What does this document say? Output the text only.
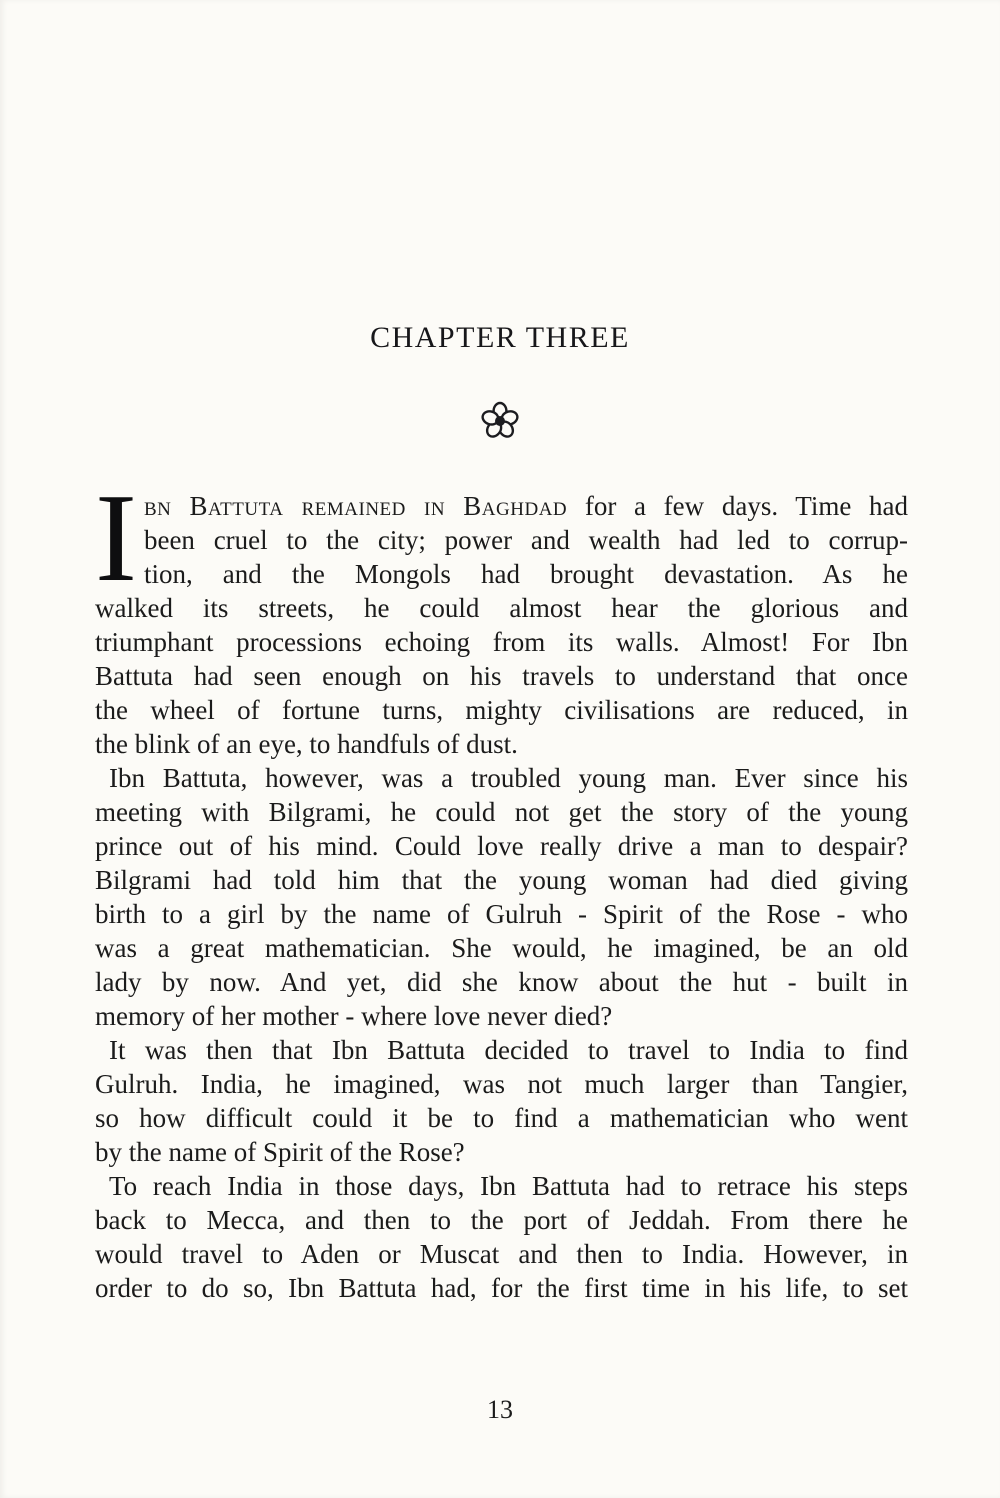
CHAPTER THREE
I bn Battuta remained in Baghdad for a few days. Time had
been cruel to the city; power and wealth had led to corrup-
tion, and the Mongols had brought devastation. As he
walked its streets, he could almost hear the glorious and
triumphant processions echoing from its walls. Almost! For Ibn
Battuta had seen enough on his travels to understand that once
the wheel of fortune turns, mighty civilisations are reduced, in
the blink of an eye, to handfuls of dust.
Ibn Battuta, however, was a troubled young man. Ever since his
meeting with Bilgrami, he could not get the story of the young
prince out of his mind. Could love really drive a man to despair?
Bilgrami had told him that the young woman had died giving
birth to a girl by the name of Gulruh - Spirit of the Rose - who
was a great mathematician. She would, he imagined, be an old
lady by now. And yet, did she know about the hut - built in
memory of her mother - where love never died?
It was then that Ibn Battuta decided to travel to India to find
Gulruh. India, he imagined, was not much larger than Tangier,
so how difficult could it be to find a mathematician who went
by the name of Spirit of the Rose?
To reach India in those days, Ibn Battuta had to retrace his steps
back to Mecca, and then to the port of Jeddah. From there he
would travel to Aden or Muscat and then to India. However, in
order to do so, Ibn Battuta had, for the first time in his life, to set
13
